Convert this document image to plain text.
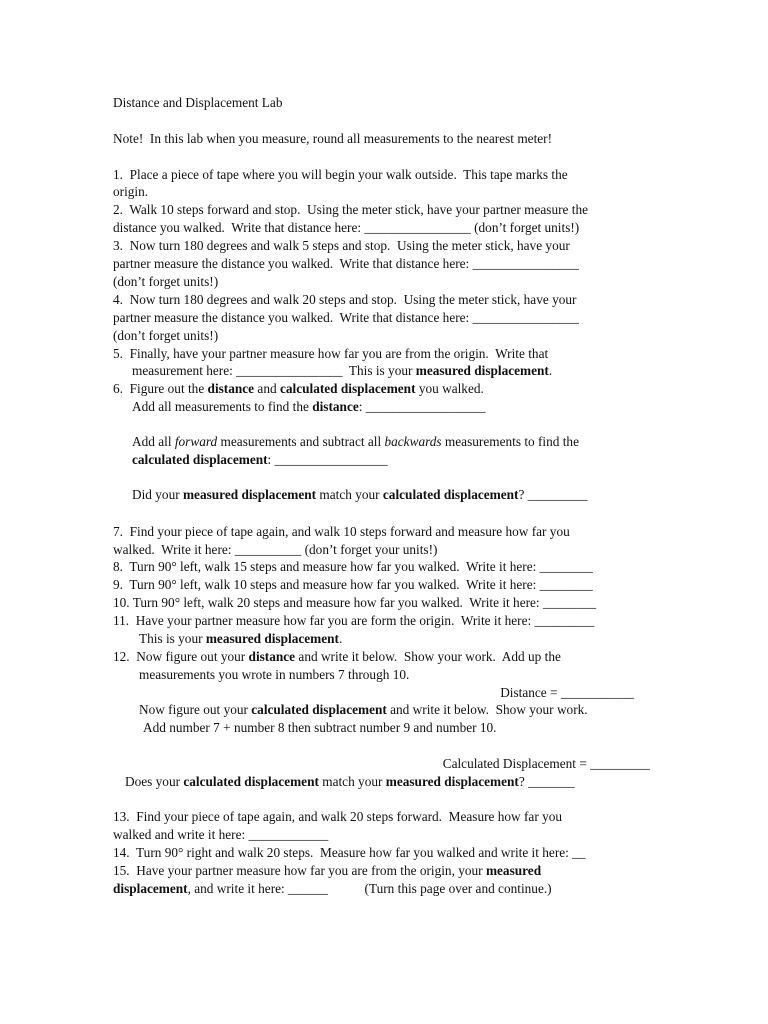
Distance and Displacement Lab
Note!  In this lab when you measure, round all measurements to the nearest meter!
1.  Place a piece of tape where you will begin your walk outside.  This tape marks the
origin.
2.  Walk 10 steps forward and stop.  Using the meter stick, have your partner measure the
distance you walked.  Write that distance here: ________________ (don’t forget units!)
3.  Now turn 180 degrees and walk 5 steps and stop.  Using the meter stick, have your
partner measure the distance you walked.  Write that distance here: ________________
(don’t forget units!)
4.  Now turn 180 degrees and walk 20 steps and stop.  Using the meter stick, have your
partner measure the distance you walked.  Write that distance here: ________________
(don’t forget units!)
5.  Finally, have your partner measure how far you are from the origin.  Write that
measurement here: ________________  This is your measured displacement.
6.  Figure out the distance and calculated displacement you walked.
Add all measurements to find the distance: __________________
Add all forward measurements and subtract all backwards measurements to find the
calculated displacement: _________________
Did your measured displacement match your calculated displacement? _________
7.  Find your piece of tape again, and walk 10 steps forward and measure how far you
walked.  Write it here: __________ (don’t forget your units!)
8.  Turn 90° left, walk 15 steps and measure how far you walked.  Write it here: ________
9.  Turn 90° left, walk 10 steps and measure how far you walked.  Write it here: ________
10. Turn 90° left, walk 20 steps and measure how far you walked.  Write it here: ________
11.  Have your partner measure how far you are form the origin.  Write it here: _________
This is your measured displacement.
12.  Now figure out your distance and write it below.  Show your work.  Add up the
measurements you wrote in numbers 7 through 10.
Distance = ___________
Now figure out your calculated displacement and write it below.  Show your work.
Add number 7 + number 8 then subtract number 9 and number 10.
Calculated Displacement = _________
Does your calculated displacement match your measured displacement? _______
13.  Find your piece of tape again, and walk 20 steps forward.  Measure how far you
walked and write it here: ____________
14.  Turn 90° right and walk 20 steps.  Measure how far you walked and write it here: __
15.  Have your partner measure how far you are from the origin, your measured
displacement, and write it here: ______           (Turn this page over and continue.)
